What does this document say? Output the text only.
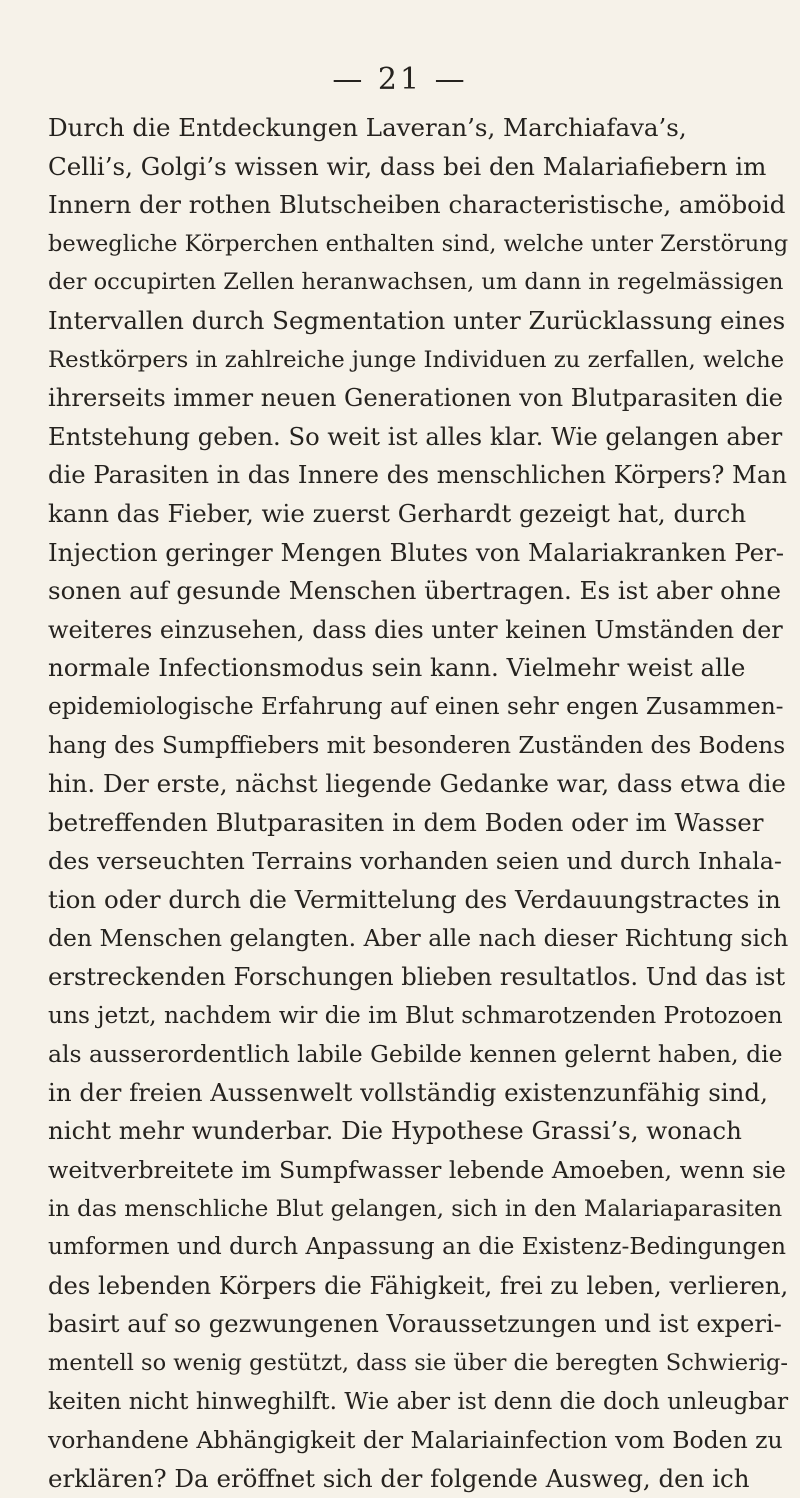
— 21 —
Durch die Entdeckungen Laveran’s, Marchiafava’s,
Celli’s, Golgi’s wissen wir, dass bei den Malariafiebern im
Innern der rothen Blutscheiben characteristische, amöboid
bewegliche Körperchen enthalten sind, welche unter Zerstörung
der occupirten Zellen heranwachsen, um dann in regelmässigen
Intervallen durch Segmentation unter Zurücklassung eines
Restkörpers in zahlreiche junge Individuen zu zerfallen, welche
ihrerseits immer neuen Generationen von Blutparasiten die
Entstehung geben. So weit ist alles klar. Wie gelangen aber
die Parasiten in das Innere des menschlichen Körpers? Man
kann das Fieber, wie zuerst Gerhardt gezeigt hat, durch
Injection geringer Mengen Blutes von Malariakranken Per-
sonen auf gesunde Menschen übertragen. Es ist aber ohne
weiteres einzusehen, dass dies unter keinen Umständen der
normale Infectionsmodus sein kann. Vielmehr weist alle
epidemiologische Erfahrung auf einen sehr engen Zusammen-
hang des Sumpffiebers mit besonderen Zuständen des Bodens
hin. Der erste, nächst liegende Gedanke war, dass etwa die
betreffenden Blutparasiten in dem Boden oder im Wasser
des verseuchten Terrains vorhanden seien und durch Inhala-
tion oder durch die Vermittelung des Verdauungstractes in
den Menschen gelangten. Aber alle nach dieser Richtung sich
erstreckenden Forschungen blieben resultatlos. Und das ist
uns jetzt, nachdem wir die im Blut schmarotzenden Protozoen
als ausserordentlich labile Gebilde kennen gelernt haben, die
in der freien Aussenwelt vollständig existenzunfähig sind,
nicht mehr wunderbar. Die Hypothese Grassi’s, wonach
weitverbreitete im Sumpfwasser lebende Amoeben, wenn sie
in das menschliche Blut gelangen, sich in den Malariaparasiten
umformen und durch Anpassung an die Existenz-Bedingungen
des lebenden Körpers die Fähigkeit, frei zu leben, verlieren,
basirt auf so gezwungenen Voraussetzungen und ist experi-
mentell so wenig gestützt, dass sie über die beregten Schwierig-
keiten nicht hinweghilft. Wie aber ist denn die doch unleugbar
vorhandene Abhängigkeit der Malariainfection vom Boden zu
erklären? Da eröffnet sich der folgende Ausweg, den ich
